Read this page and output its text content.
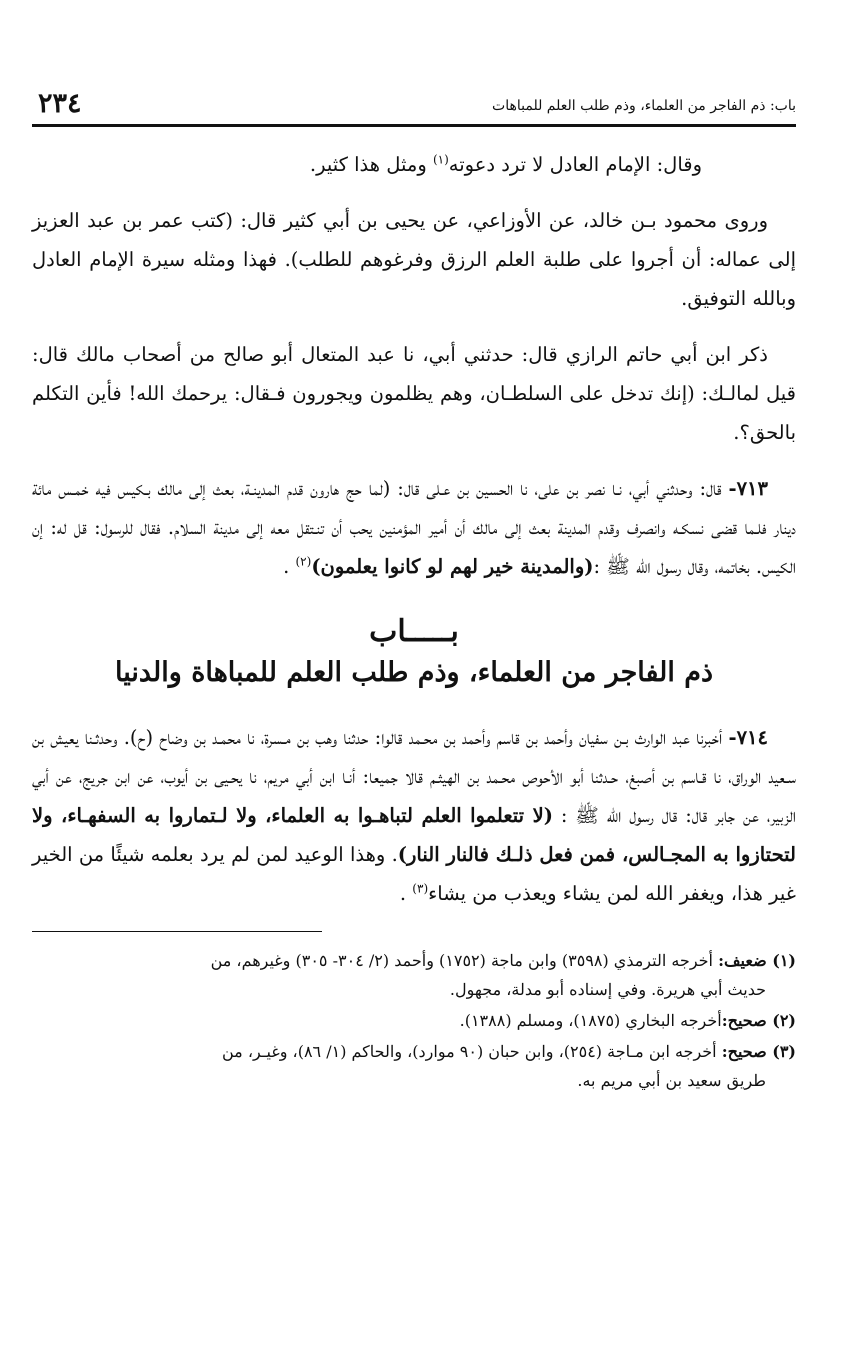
باب: ذم الفاجر من العلماء، وذم طلب العلم للمباهات
٢٣٤

وقال: الإمام العادل لا ترد دعوته$^{(١)}$ ومثل هذا كثير.

وروى محمود بـن خالد، عن الأوزاعي، عن يحيى بن أبي كثير قال: (كتب عمر بن عبد العزيز إلى عماله: أن أجروا على طلبة العلم الرزق وفرغوهم للطلب). فهذا ومثله سيرة الإمام العادل وبالله التوفيق.

ذكر ابن أبي حاتم الرازي قال: حدثني أبي، نا عبد المتعال أبو صالح من أصحاب مالك قال: قيل لمالـك: (إنك تدخل على السلطـان، وهم يظلمون ويجورون فـقال: يرحمك الله! فأين التكلم بالحق؟.

٧١٣- قال: وحدثني أبي، نـا نصر بن على، نا الحسين بن عـلى قال: (لما حج هارون قدم المدينـة، بعث إلى مالك بـكيس فيه خمـس مائة دينار فلـما قضى نسكـه وانصرف وقدم المدينة بعث إلى مالك أن أمير المؤمنين يحب أن تنـتقل معه إلى مدينة السلام. فقال للرسول: قل له: إن الكيس. بخاتمه، وقال رسول الله ﷺ :(والمدينة خير لهم لو كانوا يعلمون)$^{(٢)}$ .

بـــــاب
ذم الفاجر من العلماء، وذم طلب العلم للمباهاة والدنيا

٧١٤- أخبرنا عبد الوارث بـن سفيان وأحمد بن قاسم وأحمد بن محـمد قالوا: حدثنا وهب بن مـسرة، نا محمـد بن وضاح (ح). وحدثـنا يعيش بن سـعيد الوراق، نا قـاسم بن أصبغ، حـدثنا أبو الأحوص محـمد بن الهيثـم قالا جميعا: أنـا ابن أبي مريم، نا يحـيى بن أيوب، عن ابن جريج، عن أبي الزبير، عن جابر قال: قال رسول الله ﷺ : (لا تتعلموا العلم لتباهـوا به العلماء، ولا لـتماروا به السفهـاء، ولا لتحتازوا به المجـالس، فمن فعل ذلـك فالنار النار). وهذا الوعيد لمن لم يرد بعلمه شيئًا من الخير غير هذا، ويغفر الله لمن يشاء ويعذب من يشاء$^{(٣)}$ .

(١) ضعيف: أخرجه الترمذي (٣٥٩٨) وابن ماجة (١٧٥٢) وأحمد (٢/ ٣٠٤- ٣٠٥) وغيرهم، من
حديث أبي هريرة. وفي إسناده أبو مدلة، مجهول.

(٢) صحيح:أخرجه البخاري (١٨٧٥)، ومسلم (١٣٨٨).

(٣) صحيح: أخرجه ابن مـاجة (٢٥٤)، وابن حبان (٩٠ موارد)، والحاكم (١/ ٨٦)، وغيـر، من
طريق سعيد بن أبي مريم به.
